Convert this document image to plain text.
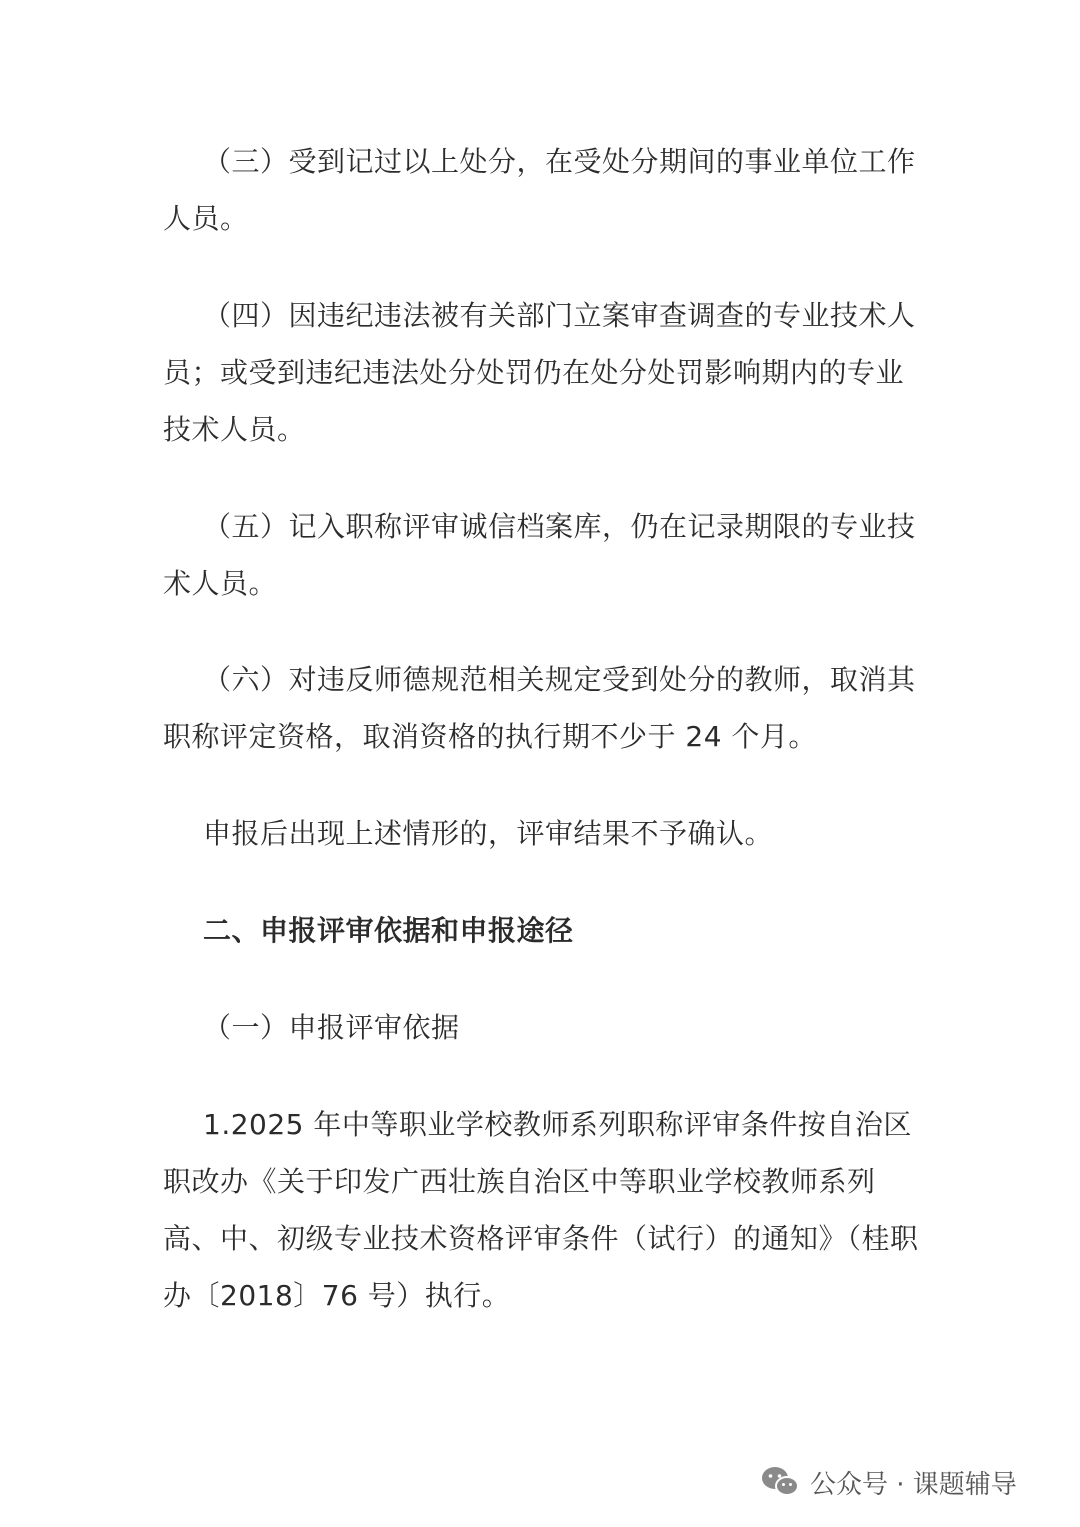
（三）受到记过以上处分，在受处分期间的事业单位工作人员。

（四）因违纪违法被有关部门立案审查调查的专业技术人员；或受到违纪违法处分处罚仍在处分处罚影响期内的专业技术人员。

（五）记入职称评审诚信档案库，仍在记录期限的专业技术人员。

（六）对违反师德规范相关规定受到处分的教师，取消其职称评定资格，取消资格的执行期不少于 24 个月。

申报后出现上述情形的，评审结果不予确认。

二、申报评审依据和申报途径

（一）申报评审依据

1.2025 年中等职业学校教师系列职称评审条件按自治区职改办《关于印发广西壮族自治区中等职业学校教师系列高、中、初级专业技术资格评审条件（试行）的通知》（桂职办〔2018〕76 号）执行。

公众号 · 课题辅导
